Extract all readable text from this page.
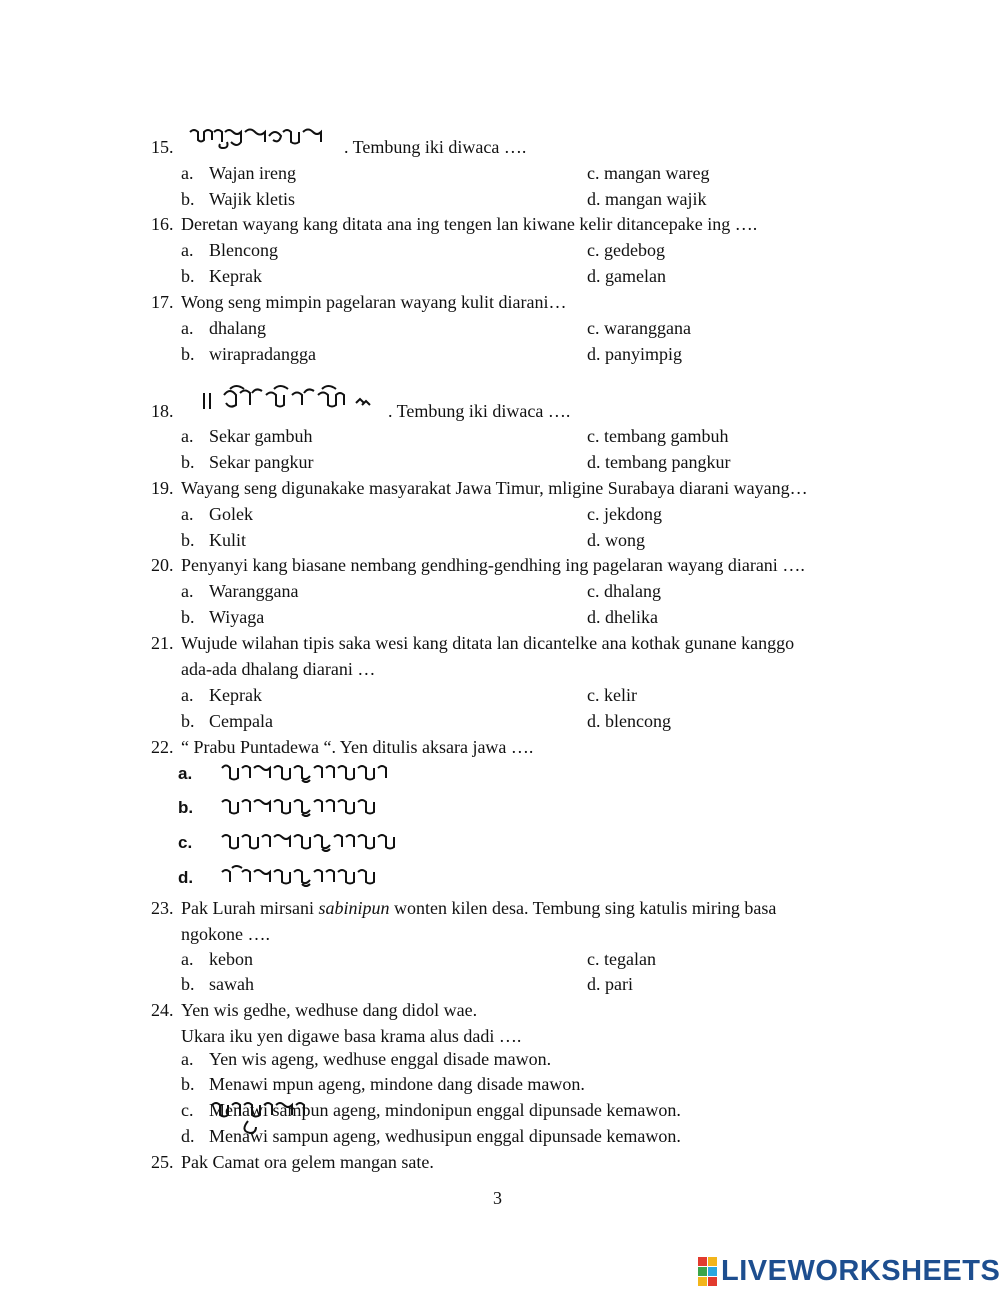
15.	. Tembung iki diwaca ….
a. Wajan ireng	c. mangan wareg
b. Wajik kletis	d. mangan wajik
16. Deretan wayang kang ditata ana ing tengen lan kiwane kelir ditancepake ing ….
a. Blencong	c. gedebog
b. Keprak	d. gamelan
17. Wong seng mimpin pagelaran wayang kulit diarani…
a. dhalang	c. waranggana
b. wirapradangga	d. panyimpig
18.	. Tembung iki diwaca ….
a. Sekar gambuh	c. tembang gambuh
b. Sekar pangkur	d. tembang pangkur
19. Wayang seng digunakake masyarakat Jawa Timur, mligine Surabaya diarani wayang…
a. Golek	c. jekdong
b. Kulit	d. wong
20. Penyanyi kang biasane nembang gendhing-gendhing ing pagelaran wayang diarani ….
a. Waranggana	c. dhalang
b. Wiyaga	d. dhelika
21. Wujude wilahan tipis saka wesi kang ditata lan dicantelke ana kothak gunane kanggo
ada-ada dhalang diarani …
a. Keprak	c. kelir
b. Cempala	d. blencong
22. “ Prabu Puntadewa “. Yen ditulis aksara jawa ….
a.
b.
c.
d.
23. Pak Lurah mirsani sabinipun wonten kilen desa. Tembung sing katulis miring basa
ngokone ….
a. kebon	c. tegalan
b. sawah	d. pari
24. Yen wis gedhe, wedhuse dang didol wae.
Ukara iku yen digawe basa krama alus dadi ….
a. Yen wis ageng, wedhuse enggal disade mawon.
b. Menawi mpun ageng, mindone dang disade mawon.
c. Menawi sampun ageng, mindonipun enggal dipunsade kemawon.
d. Menawi sampun ageng, wedhusipun enggal dipunsade kemawon.
25. Pak Camat ora gelem mangan sate.
3
LIVEWORKSHEETS
